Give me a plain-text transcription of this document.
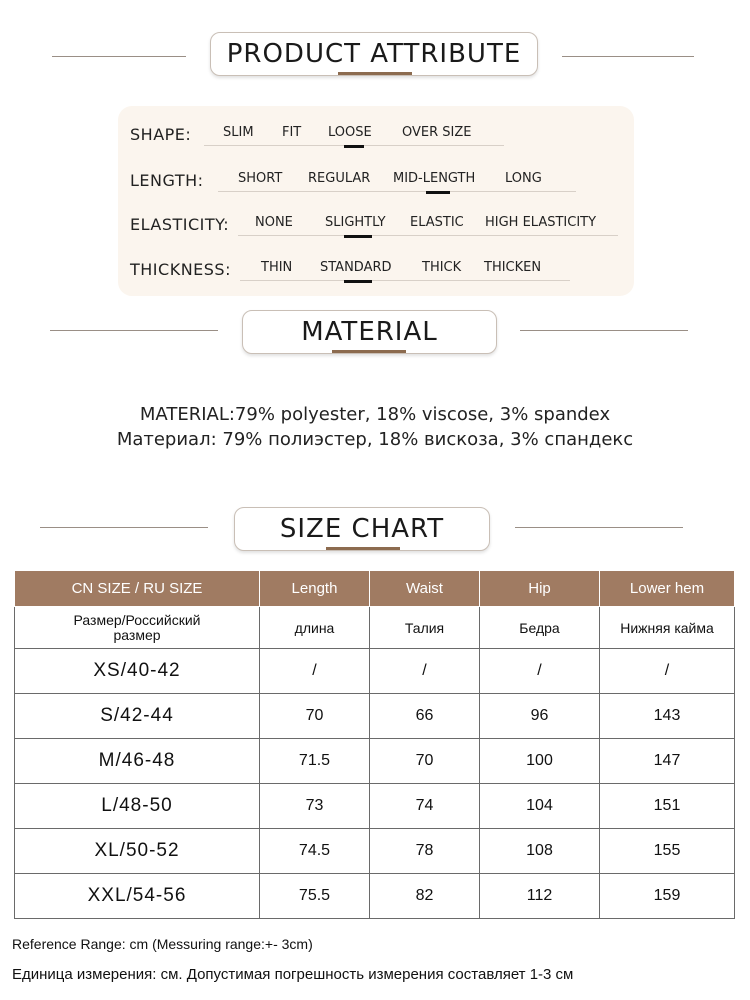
PRODUCT ATTRIBUTE
SHAPE: SLIM FIT LOOSE OVER SIZE
LENGTH:	SHORT REGULAR MID-LENGTH LONG
ELASTICITY: NONE SLIGHTLY ELASTIC HIGH ELASTICITY
THICKNESS: THIN STANDARD THICK THICKEN
MATERIAL
MATERIAL:79% polyester, 18% viscose, 3% spandex
Материал: 79% полиэстер, 18% вискоза, 3% спандекс
SIZE CHART
CN SIZE / RU SIZE	Length	Waist	Hip	Lower hem
Размер/Российский размер	длина	Талия	Бедра	Нижняя кайма
XS/40-42	/	/	/	/
S/42-44	70	66	96	143
M/46-48	71.5	70	100	147
L/48-50	73	74	104	151
XL/50-52	74.5	78	108	155
XXL/54-56	75.5	82	112	159
Reference Range: cm (Messuring range:+- 3cm)
Единица измерения: см. Допустимая погрешность измерения составляет 1-3 см
